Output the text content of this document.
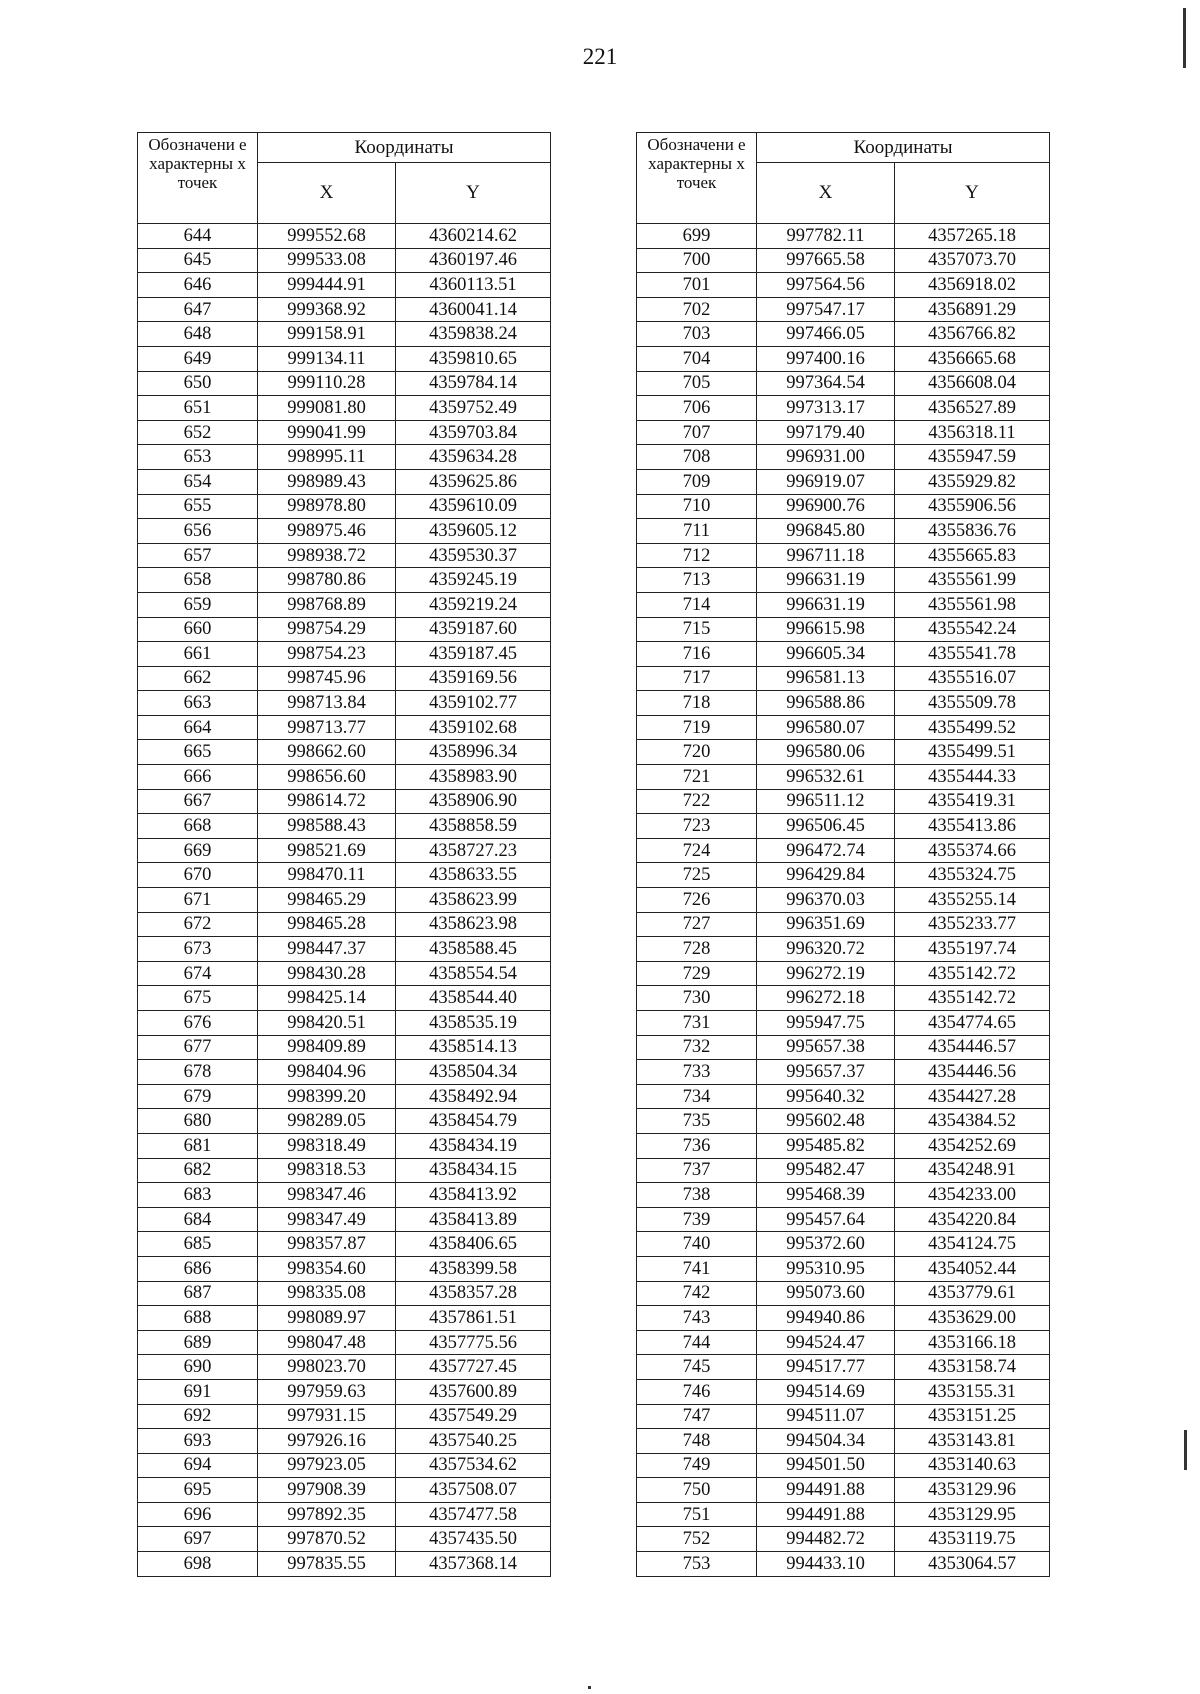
221
Обозначени е характерны х точек	Координаты	
	X	Y
644	999552.68	4360214.62
645	999533.08	4360197.46
646	999444.91	4360113.51
647	999368.92	4360041.14
648	999158.91	4359838.24
649	999134.11	4359810.65
650	999110.28	4359784.14
651	999081.80	4359752.49
652	999041.99	4359703.84
653	998995.11	4359634.28
654	998989.43	4359625.86
655	998978.80	4359610.09
656	998975.46	4359605.12
657	998938.72	4359530.37
658	998780.86	4359245.19
659	998768.89	4359219.24
660	998754.29	4359187.60
661	998754.23	4359187.45
662	998745.96	4359169.56
663	998713.84	4359102.77
664	998713.77	4359102.68
665	998662.60	4358996.34
666	998656.60	4358983.90
667	998614.72	4358906.90
668	998588.43	4358858.59
669	998521.69	4358727.23
670	998470.11	4358633.55
671	998465.29	4358623.99
672	998465.28	4358623.98
673	998447.37	4358588.45
674	998430.28	4358554.54
675	998425.14	4358544.40
676	998420.51	4358535.19
677	998409.89	4358514.13
678	998404.96	4358504.34
679	998399.20	4358492.94
680	998289.05	4358454.79
681	998318.49	4358434.19
682	998318.53	4358434.15
683	998347.46	4358413.92
684	998347.49	4358413.89
685	998357.87	4358406.65
686	998354.60	4358399.58
687	998335.08	4358357.28
688	998089.97	4357861.51
689	998047.48	4357775.56
690	998023.70	4357727.45
691	997959.63	4357600.89
692	997931.15	4357549.29
693	997926.16	4357540.25
694	997923.05	4357534.62
695	997908.39	4357508.07
696	997892.35	4357477.58
697	997870.52	4357435.50
698	997835.55	4357368.14
Обозначени е характерны х точек	Координаты	
	X	Y
699	997782.11	4357265.18
700	997665.58	4357073.70
701	997564.56	4356918.02
702	997547.17	4356891.29
703	997466.05	4356766.82
704	997400.16	4356665.68
705	997364.54	4356608.04
706	997313.17	4356527.89
707	997179.40	4356318.11
708	996931.00	4355947.59
709	996919.07	4355929.82
710	996900.76	4355906.56
711	996845.80	4355836.76
712	996711.18	4355665.83
713	996631.19	4355561.99
714	996631.19	4355561.98
715	996615.98	4355542.24
716	996605.34	4355541.78
717	996581.13	4355516.07
718	996588.86	4355509.78
719	996580.07	4355499.52
720	996580.06	4355499.51
721	996532.61	4355444.33
722	996511.12	4355419.31
723	996506.45	4355413.86
724	996472.74	4355374.66
725	996429.84	4355324.75
726	996370.03	4355255.14
727	996351.69	4355233.77
728	996320.72	4355197.74
729	996272.19	4355142.72
730	996272.18	4355142.72
731	995947.75	4354774.65
732	995657.38	4354446.57
733	995657.37	4354446.56
734	995640.32	4354427.28
735	995602.48	4354384.52
736	995485.82	4354252.69
737	995482.47	4354248.91
738	995468.39	4354233.00
739	995457.64	4354220.84
740	995372.60	4354124.75
741	995310.95	4354052.44
742	995073.60	4353779.61
743	994940.86	4353629.00
744	994524.47	4353166.18
745	994517.77	4353158.74
746	994514.69	4353155.31
747	994511.07	4353151.25
748	994504.34	4353143.81
749	994501.50	4353140.63
750	994491.88	4353129.96
751	994491.88	4353129.95
752	994482.72	4353119.75
753	994433.10	4353064.57
